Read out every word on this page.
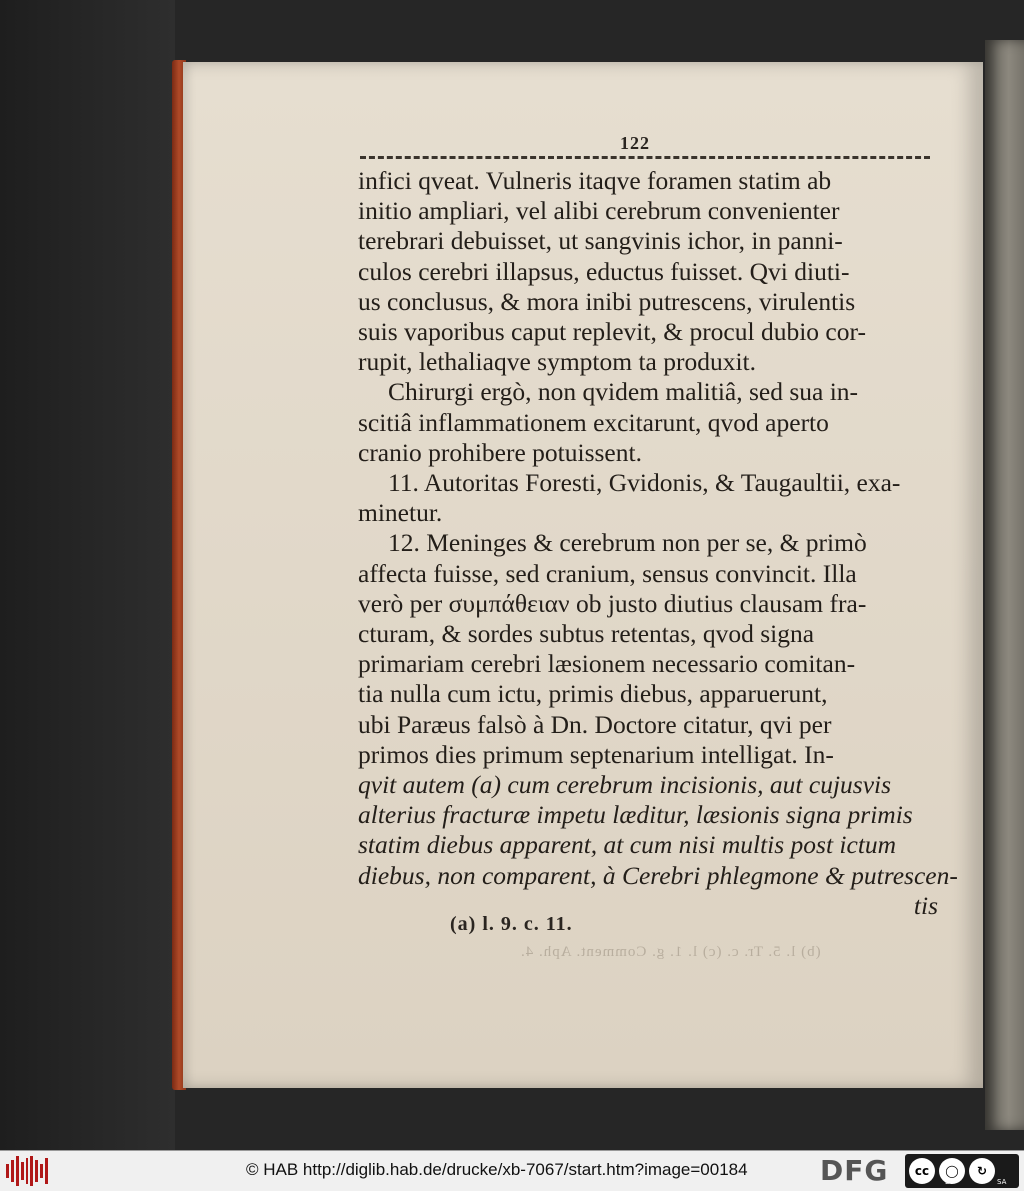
122
infici qveat. Vulneris itaqve foramen statim ab
initio ampliari, vel alibi cerebrum convenienter
terebrari debuisset, ut sangvinis ichor, in panni-
culos cerebri illapsus, eductus fuisset. Qvi diuti-
us conclusus, & mora inibi putrescens, virulentis
suis vaporibus caput replevit, & procul dubio cor-
rupit, lethaliaqve symptom ta produxit.
Chirurgi ergò, non qvidem malitiâ, sed sua in-
scitiâ inflammationem excitarunt, qvod aperto
cranio prohibere potuissent.
11. Autoritas Foresti, Gvidonis, & Taugaultii, exa-
minetur.
12. Meninges & cerebrum non per se, & primò
affecta fuisse, sed cranium, sensus convincit. Illa
verò per συμπάθειαν ob justo diutius clausam fra-
cturam, & sordes subtus retentas, qvod signa
primariam cerebri læsionem necessario comitan-
tia nulla cum ictu, primis diebus, apparuerunt,
ubi Paræus falsò à Dn. Doctore citatur, qvi per
primos dies primum septenarium intelligat. In-
qvit autem (a) cum cerebrum incisionis, aut cujusvis
alterius fracturæ impetu læditur, læsionis signa primis
statim diebus apparent, at cum nisi multis post ictum
diebus, non comparent, à Cerebri phlegmone & putrescen-
tis
(a) l. 9. c. 11.
(b) l. 5. Tr. c. (c) l. 1. g. Comment. Aph. 4.
© HAB http://diglib.hab.de/drucke/xb-7067/start.htm?image=00184	DFG	cc	◯	↻
BY	SA
